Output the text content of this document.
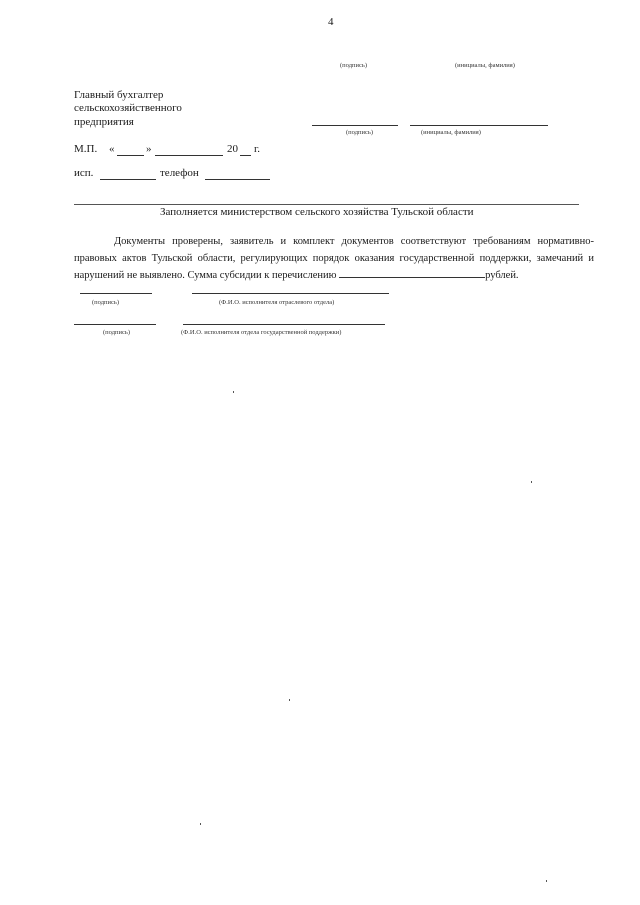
4
(подпись)	(инициалы, фамилия)
Главный бухгалтер
сельскохозяйственного
предприятия
(подпись)	(инициалы, фамилия)
М.П. «	»	20 г.
исп.	телефон
Заполняется министерством сельского хозяйства Тульской области
Документы проверены, заявитель и комплект документов соответствуют требованиям нормативно-правовых актов Тульской области, регулирующих порядок оказания государственной поддержки, замечаний и нарушений не выявлено. Сумма субсидии к перечислению	рублей.
(подпись)	(Ф.И.О. исполнителя отраслевого отдела)
(подпись)	(Ф.И.О. исполнителя отдела государственной поддержки)
